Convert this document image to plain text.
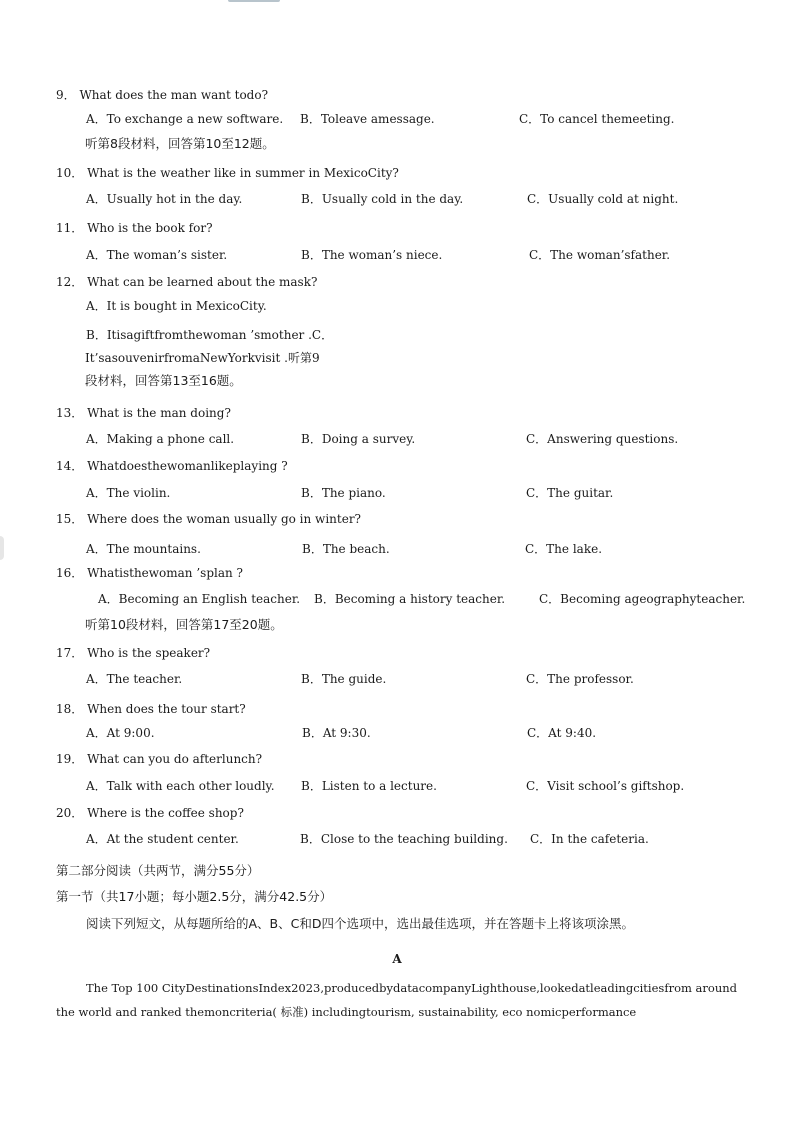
9． What does the man want todo?
A．To exchange a new software. B．Toleave amessage.	C．To cancel themeeting.
听第8段材料，回答第10至12题。
10． What is the weather like in summer in MexicoCity?
A．Usually hot in the day.	B．Usually cold in the day.	C．Usually cold at night.
11． Who is the book for?
A．The woman’s sister.	B．The woman’s niece.	C．The woman’sfather.
12． What can be learned about the mask?
A．It is bought in MexicoCity.
B．Itisagiftfromthewoman ’smother .C．
It’sasouvenirfromaNewYorkvisit .听第9
段材料，回答第13至16题。
13． What is the man doing?
A．Making a phone call.	B．Doing a survey.	C．Answering questions.
14． Whatdoesthewomanlikeplaying ?
A．The violin.	B．The piano.	C．The guitar.
15． Where does the woman usually go in winter?
A．The mountains.	B．The beach.	C．The lake.
16． Whatisthewoman ’splan ?
A．Becoming an English teacher. B．Becoming a history teacher.	C．Becoming ageographyteacher.
听第10段材料，回答第17至20题。
17． Who is the speaker?
A．The teacher.	B．The guide.	C．The professor.
18． When does the tour start?
A．At 9:00.	B．At 9:30.	C．At 9:40.
19． What can you do afterlunch?
A．Talk with each other loudly. B．Listen to a lecture.	C．Visit school’s giftshop.
20． Where is the coffee shop?
A．At the student center.	B．Close to the teaching building. C．In the cafeteria.
第二部分阅读（共两节，满分55分）
第一节（共17小题；每小题2.5分，满分42.5分）
阅读下列短文，从每题所给的A、B、C和D四个选项中，选出最佳选项，并在答题卡上将该项涂黑。
A
The Top 100 CityDestinationsIndex2023,producedbydatacompanyLighthouse,lookedatleadingcitiesfrom around
the world and ranked themoncriteria( 标准) includingtourism, sustainability, eco nomicperformance
